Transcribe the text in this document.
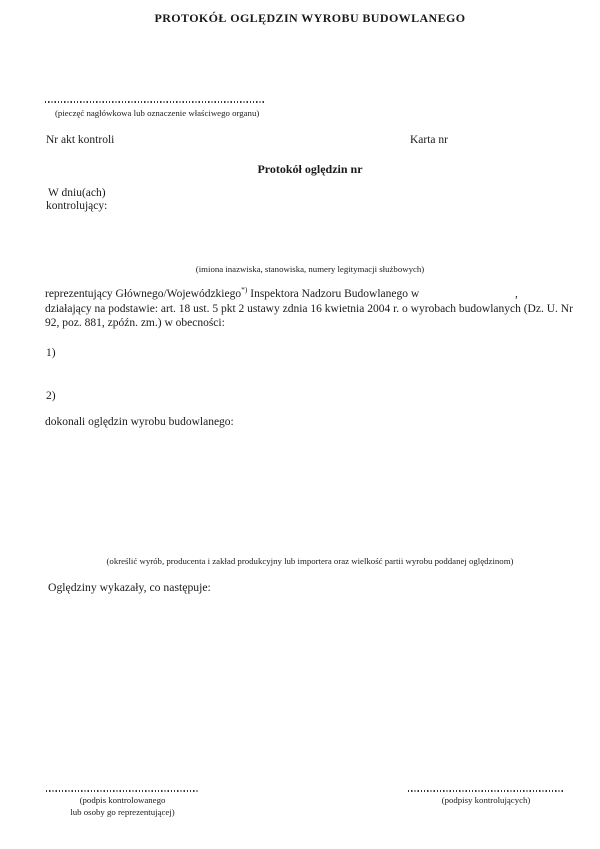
PROTOKÓŁ OGLĘDZIN WYROBU BUDOWLANEGO
(pieczęć nagłówkowa lub oznaczenie właściwego organu)
Nr akt kontroli	Karta nr
Protokół oględzin nr
W dniu(ach)
kontrolujący:
(imiona inazwiska, stanowiska, numery legitymacji służbowych)
reprezentujący Głównego/Wojewódzkiego*) Inspektora Nadzoru Budowlanego w	,
działający na podstawie: art. 18 ust. 5 pkt 2 ustawy zdnia 16 kwietnia 2004 r. o wyrobach budowlanych (Dz. U. Nr 92, poz. 881, zpóźn. zm.) w obecności:
1)
2)
dokonali oględzin wyrobu budowlanego:
(określić wyrób, producenta i zakład produkcyjny lub importera oraz wielkość partii wyrobu poddanej oględzinom)
Oględziny wykazały, co następuje:
(podpis kontrolowanego
lub osoby go reprezentującej)
(podpisy kontrolujących)
